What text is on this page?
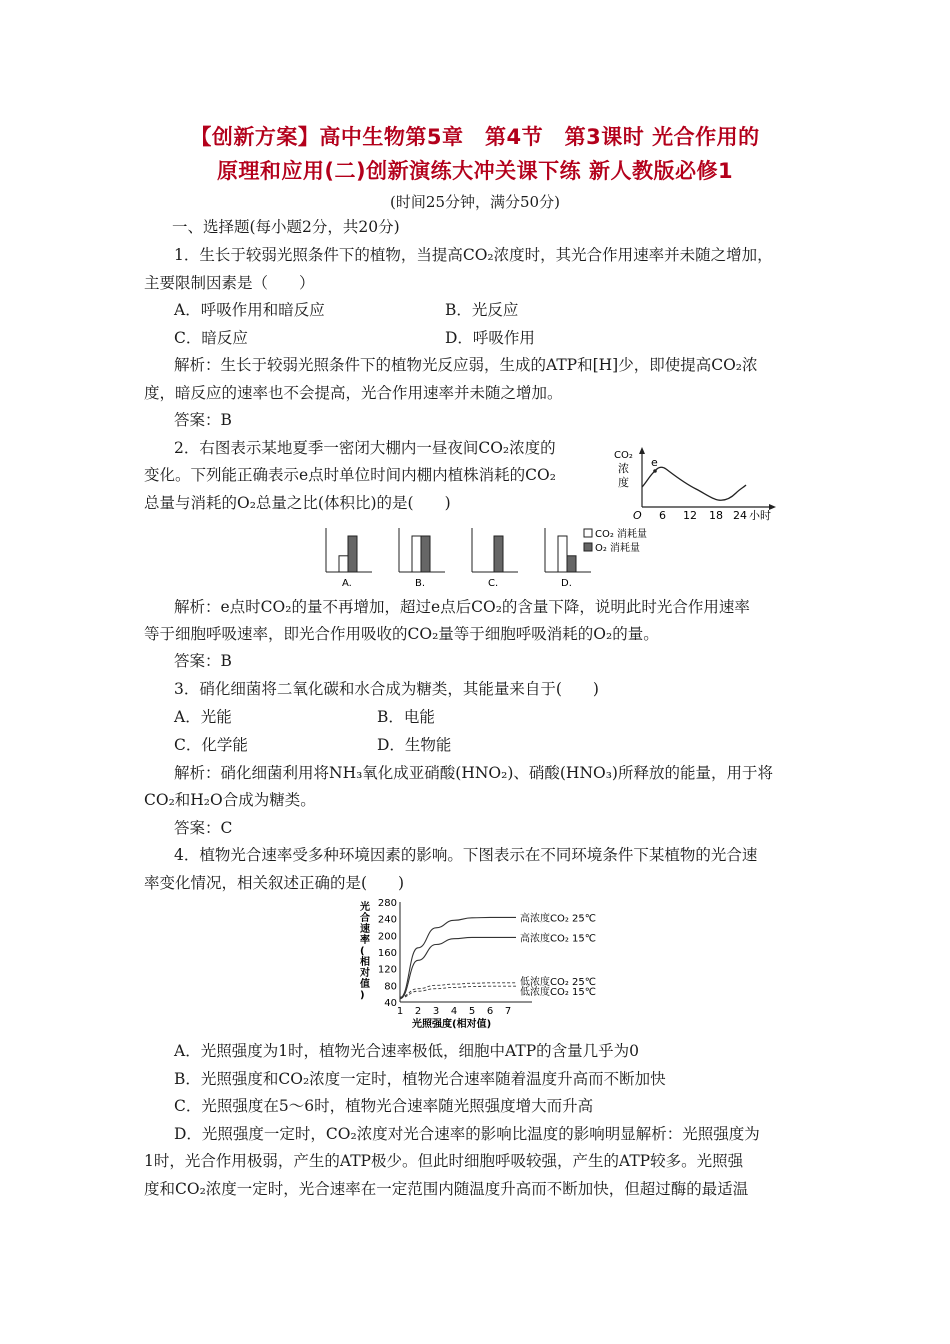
【创新方案】高中生物第5章　第4节　第3课时 光合作用的
原理和应用(二)创新演练大冲关课下练 新人教版必修1
(时间25分钟，满分50分)
一、选择题(每小题2分，共20分)
1．生长于较弱光照条件下的植物，当提高CO₂浓度时，其光合作用速率并未随之增加，
主要限制因素是（　　）
A．呼吸作用和暗反应	B．光反应
C．暗反应	D．呼吸作用
解析：生长于较弱光照条件下的植物光反应弱，生成的ATP和[H]少，即使提高CO₂浓
度，暗反应的速率也不会提高，光合作用速率并未随之增加。
答案：B
2．右图表示某地夏季一密闭大棚内一昼夜间CO₂浓度的
变化。下列能正确表示e点时单位时间内棚内植株消耗的CO₂
总量与消耗的O₂总量之比(体积比)的是(　　)
CO₂
浓
度
e
O 6 12 18 24 小时
A.	B.	C.	D.
CO₂ 消耗量
O₂ 消耗量
解析：e点时CO₂的量不再增加，超过e点后CO₂的含量下降，说明此时光合作用速率
等于细胞呼吸速率，即光合作用吸收的CO₂量等于细胞呼吸消耗的O₂的量。
答案：B
3．硝化细菌将二氧化碳和水合成为糖类，其能量来自于(　　)
A．光能	B．电能
C．化学能	D．生物能
解析：硝化细菌利用将NH₃氧化成亚硝酸(HNO₂)、硝酸(HNO₃)所释放的能量，用于将
CO₂和H₂O合成为糖类。
答案：C
4．植物光合速率受多种环境因素的影响。下图表示在不同环境条件下某植物的光合速
率变化情况，相关叙述正确的是(　　)
光
合
速
率
(
相
对
值
)
40
80
120
160
200
240
280
1 2 3 4 5 6 7
高浓度CO₂ 25℃
高浓度CO₂ 15℃
低浓度CO₂ 25℃
低浓度CO₂ 15℃
光照强度(相对值)
A．光照强度为1时，植物光合速率极低，细胞中ATP的含量几乎为0
B．光照强度和CO₂浓度一定时，植物光合速率随着温度升高而不断加快
C．光照强度在5～6时，植物光合速率随光照强度增大而升高
D．光照强度一定时，CO₂浓度对光合速率的影响比温度的影响明显解析：光照强度为
1时，光合作用极弱，产生的ATP极少。但此时细胞呼吸较强，产生的ATP较多。光照强
度和CO₂浓度一定时，光合速率在一定范围内随温度升高而不断加快，但超过酶的最适温
